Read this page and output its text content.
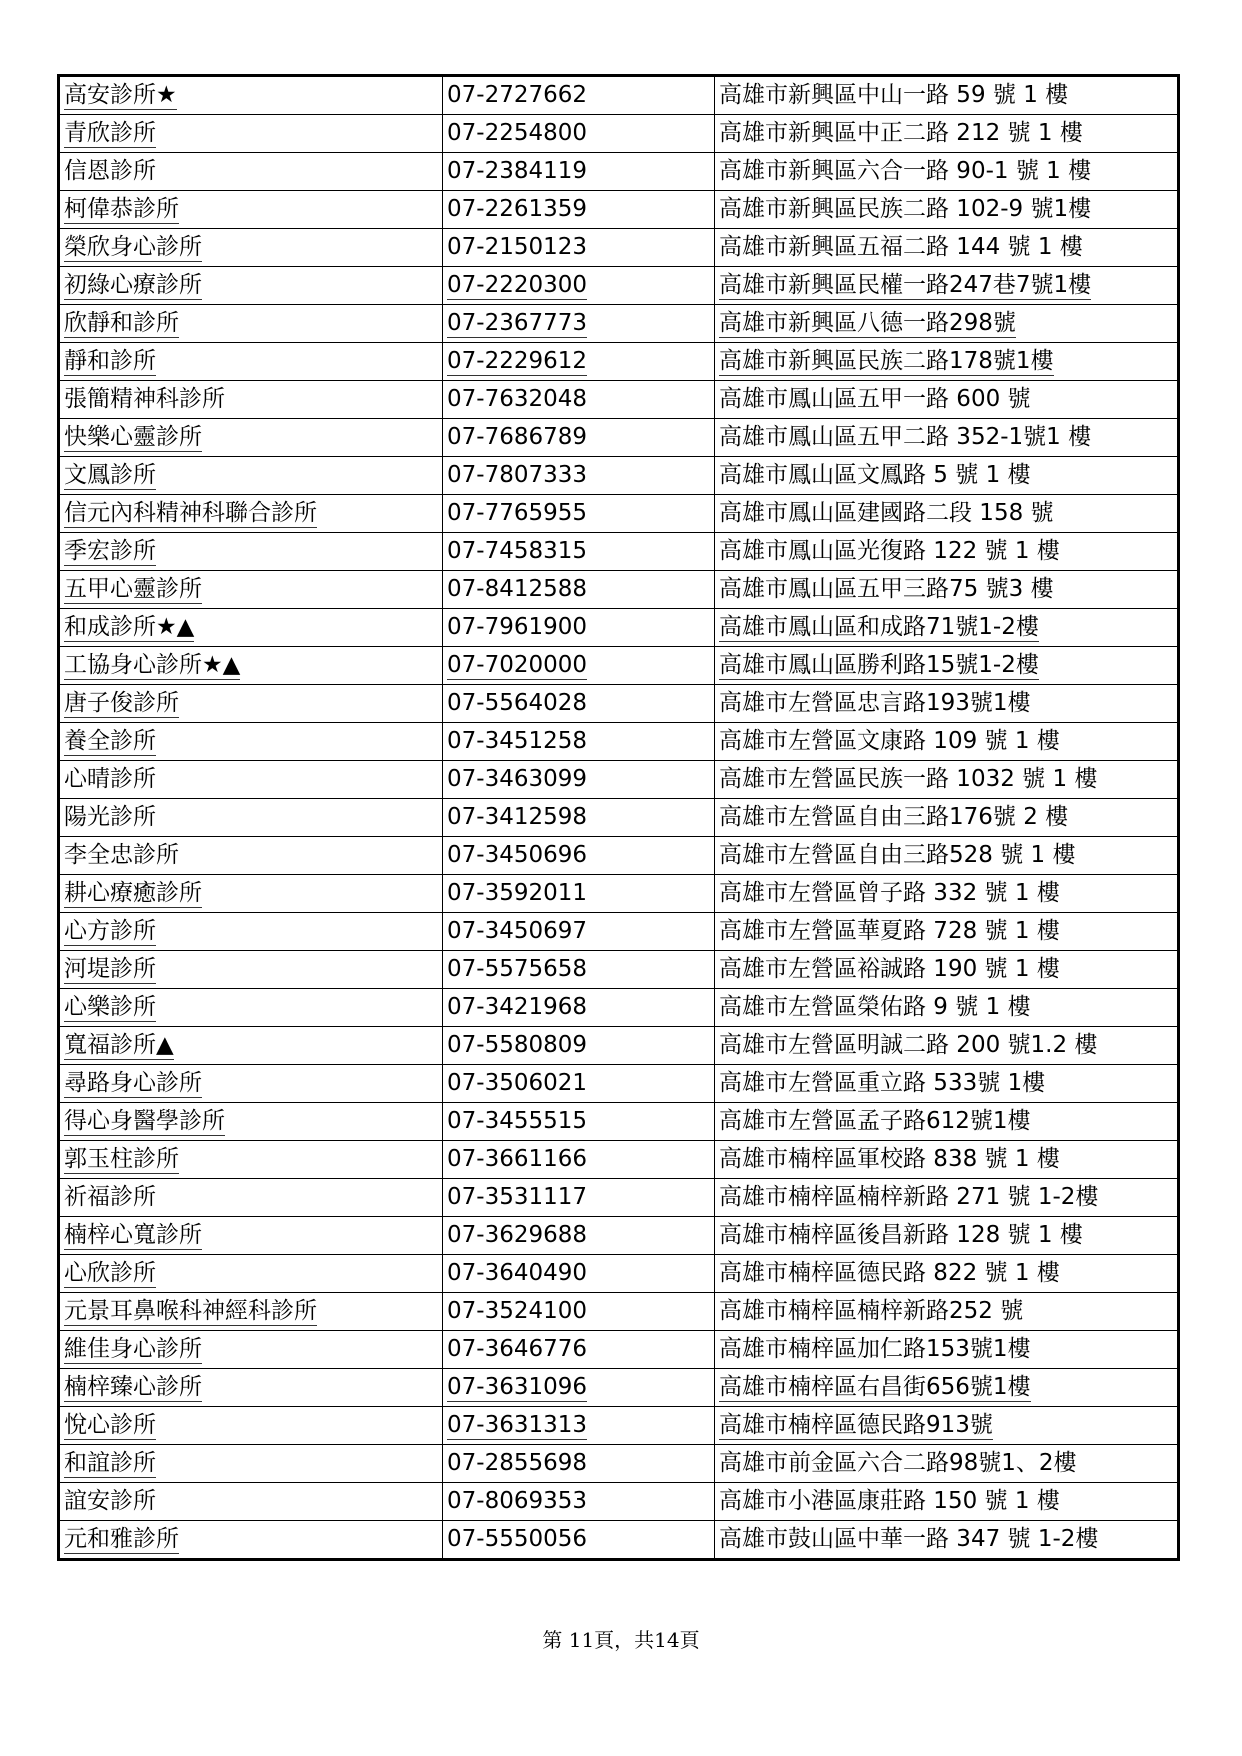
高安診所★	07-2727662	高雄市新興區中山一路 59 號 1 樓
青欣診所	07-2254800	高雄市新興區中正二路 212 號 1 樓
信恩診所	07-2384119	高雄市新興區六合一路 90-1 號 1 樓
柯偉恭診所	07-2261359	高雄市新興區民族二路 102-9 號1樓
榮欣身心診所	07-2150123	高雄市新興區五福二路 144 號 1 樓
初綠心療診所	07-2220300	高雄市新興區民權一路247巷7號1樓
欣靜和診所	07-2367773	高雄市新興區八德一路298號
靜和診所	07-2229612	高雄市新興區民族二路178號1樓
張簡精神科診所	07-7632048	高雄市鳳山區五甲一路 600 號
快樂心靈診所	07-7686789	高雄市鳳山區五甲二路 352-1號1 樓
文鳳診所	07-7807333	高雄市鳳山區文鳳路 5 號 1 樓
信元內科精神科聯合診所	07-7765955	高雄市鳳山區建國路二段 158 號
季宏診所	07-7458315	高雄市鳳山區光復路 122 號 1 樓
五甲心靈診所	07-8412588	高雄市鳳山區五甲三路75 號3 樓
和成診所★▲	07-7961900	高雄市鳳山區和成路71號1-2樓
工協身心診所★▲	07-7020000	高雄市鳳山區勝利路15號1-2樓
唐子俊診所	07-5564028	高雄市左營區忠言路193號1樓
養全診所	07-3451258	高雄市左營區文康路 109 號 1 樓
心晴診所	07-3463099	高雄市左營區民族一路 1032 號 1 樓
陽光診所	07-3412598	高雄市左營區自由三路176號 2 樓
李全忠診所	07-3450696	高雄市左營區自由三路528 號 1 樓
耕心療癒診所	07-3592011	高雄市左營區曾子路 332 號 1 樓
心方診所	07-3450697	高雄市左營區華夏路 728 號 1 樓
河堤診所	07-5575658	高雄市左營區裕誠路 190 號 1 樓
心樂診所	07-3421968	高雄市左營區榮佑路 9 號 1 樓
寬福診所▲	07-5580809	高雄市左營區明誠二路 200 號1.2 樓
尋路身心診所	07-3506021	高雄市左營區重立路 533號 1樓
得心身醫學診所	07-3455515	高雄市左營區孟子路612號1樓
郭玉柱診所	07-3661166	高雄市楠梓區軍校路 838 號 1 樓
祈福診所	07-3531117	高雄市楠梓區楠梓新路 271 號 1-2樓
楠梓心寬診所	07-3629688	高雄市楠梓區後昌新路 128 號 1 樓
心欣診所	07-3640490	高雄市楠梓區德民路 822 號 1 樓
元景耳鼻喉科神經科診所	07-3524100	高雄市楠梓區楠梓新路252 號
維佳身心診所	07-3646776	高雄市楠梓區加仁路153號1樓
楠梓臻心診所	07-3631096	高雄市楠梓區右昌街656號1樓
悅心診所	07-3631313	高雄市楠梓區德民路913號
和誼診所	07-2855698	高雄市前金區六合二路98號1、2樓
誼安診所	07-8069353	高雄市小港區康莊路 150 號 1 樓
元和雅診所	07-5550056	高雄市鼓山區中華一路 347 號 1-2樓
第 11頁，共14頁
